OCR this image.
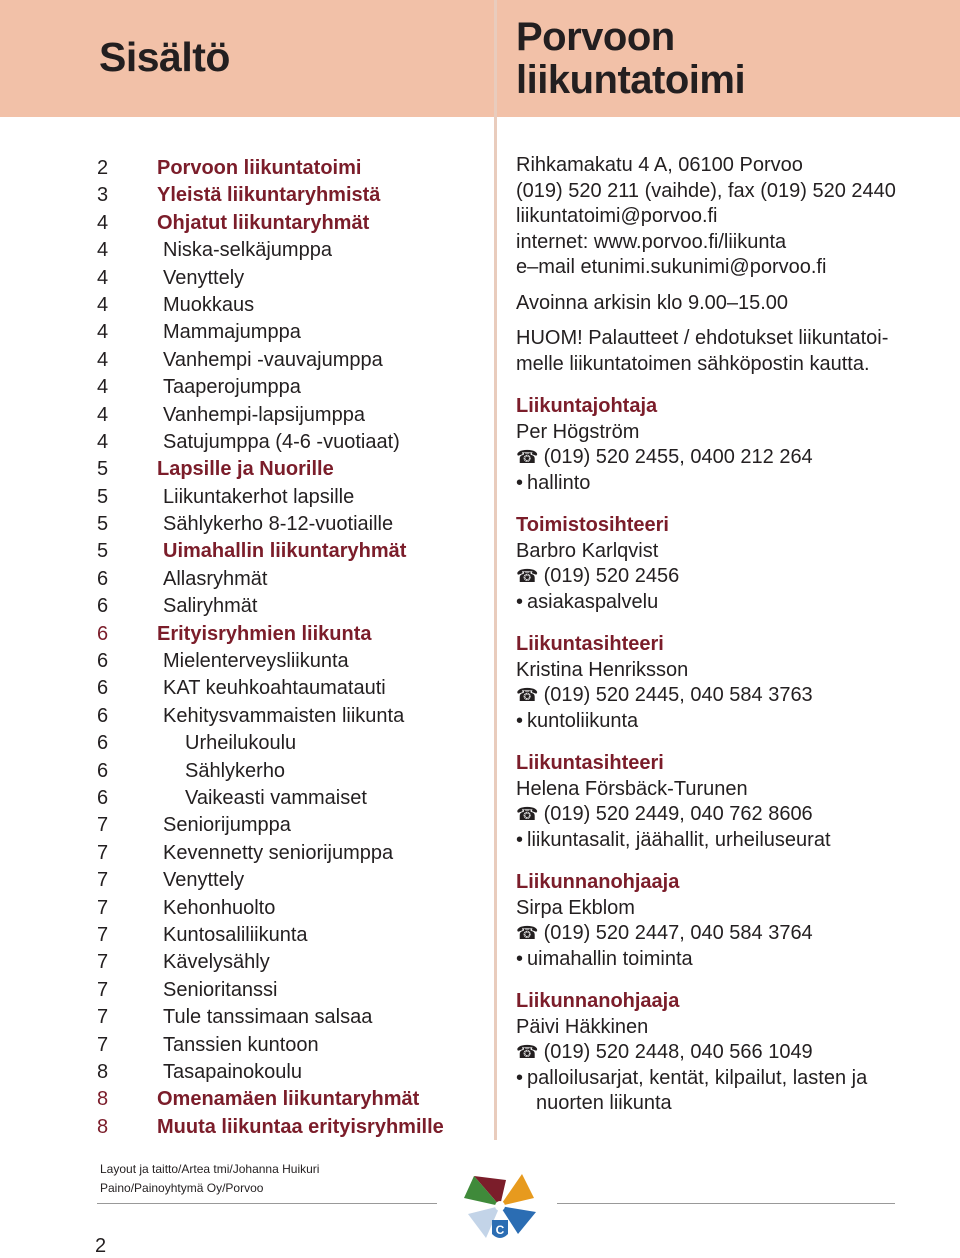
Sisältö	Porvoon
liikuntatoimi
2	Porvoon liikuntatoimi
3	Yleistä liikuntaryhmistä
4	Ohjatut liikuntaryhmät
4	Niska-selkäjumppa
4	Venyttely
4	Muokkaus
4	Mammajumppa
4	Vanhempi -vauvajumppa
4	Taaperojumppa
4	Vanhempi-lapsijumppa
4	Satujumppa (4-6 -vuotiaat)
5	Lapsille ja Nuorille
5	Liikuntakerhot lapsille
5	Sählykerho 8-12-vuotiaille
5	Uimahallin liikuntaryhmät
6	Allasryhmät
6	Saliryhmät
6	Erityisryhmien liikunta
6	Mielenterveysliikunta
6	KAT keuhkoahtaumatauti
6	Kehitysvammaisten liikunta
6	Urheilukoulu
6	Sählykerho
6	Vaikeasti vammaiset
7	Seniorijumppa
7	Kevennetty seniorijumppa
7	Venyttely
7	Kehonhuolto
7	Kuntosaliliikunta
7	Kävelysähly
7	Senioritanssi
7	Tule tanssimaan salsaa
7	Tanssien kuntoon
8	Tasapainokoulu
8	Omenamäen liikuntaryhmät
8	Muuta liikuntaa erityisryhmille
Layout ja taitto/Artea tmi/Johanna Huikuri
Paino/Painoyhtymä Oy/Porvoo
C
2
Rihkamakatu 4 A, 06100 Porvoo
(019) 520 211 (vaihde), fax (019) 520 2440
liikuntatoimi@porvoo.fi
internet: www.porvoo.fi/liikunta
e–mail etunimi.sukunimi@porvoo.fi
Avoinna arkisin klo 9.00–15.00
HUOM! Palautteet / ehdotukset liikuntatoi-
melle liikuntatoimen sähköpostin kautta.
Liikuntajohtaja
Per Högström
☎ (019) 520 2455, 0400 212 264
• hallinto
Toimistosihteeri
Barbro Karlqvist
☎ (019) 520 2456
• asiakaspalvelu
Liikuntasihteeri
Kristina Henriksson
☎ (019) 520 2445, 040 584 3763
• kuntoliikunta
Liikuntasihteeri
Helena Försbäck-Turunen
☎ (019) 520 2449, 040 762 8606
• liikuntasalit, jäähallit, urheiluseurat
Liikunnanohjaaja
Sirpa Ekblom
☎ (019) 520 2447, 040 584 3764
• uimahallin toiminta
Liikunnanohjaaja
Päivi Häkkinen
☎ (019) 520 2448, 040 566 1049
• palloilusarjat, kentät, kilpailut, lasten ja
nuorten liikunta
